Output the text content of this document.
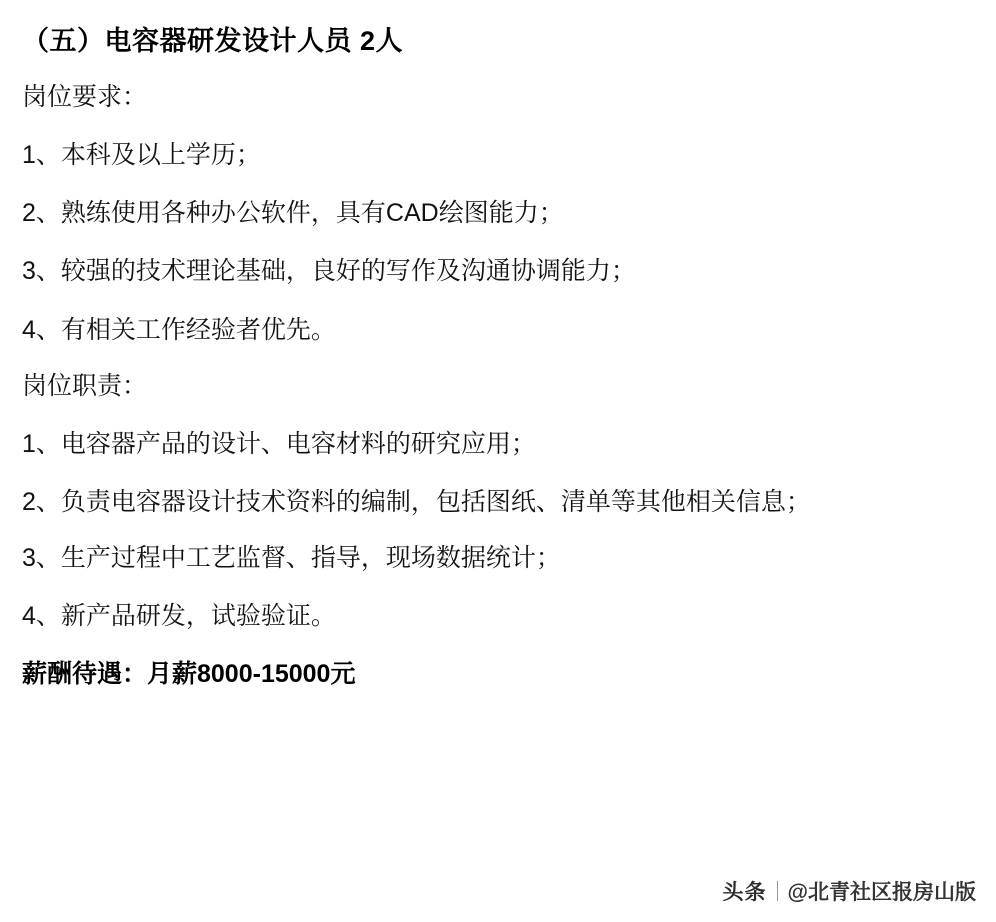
（五）电容器研发设计人员 2人
岗位要求：
1、本科及以上学历；
2、熟练使用各种办公软件，具有CAD绘图能力；
3、较强的技术理论基础，良好的写作及沟通协调能力；
4、有相关工作经验者优先。
岗位职责：
1、电容器产品的设计、电容材料的研究应用；
2、负责电容器设计技术资料的编制，包括图纸、清单等其他相关信息；
3、生产过程中工艺监督、指导，现场数据统计；
4、新产品研发，试验验证。
薪酬待遇：月薪8000-15000元
头条 @北青社区报房山版
